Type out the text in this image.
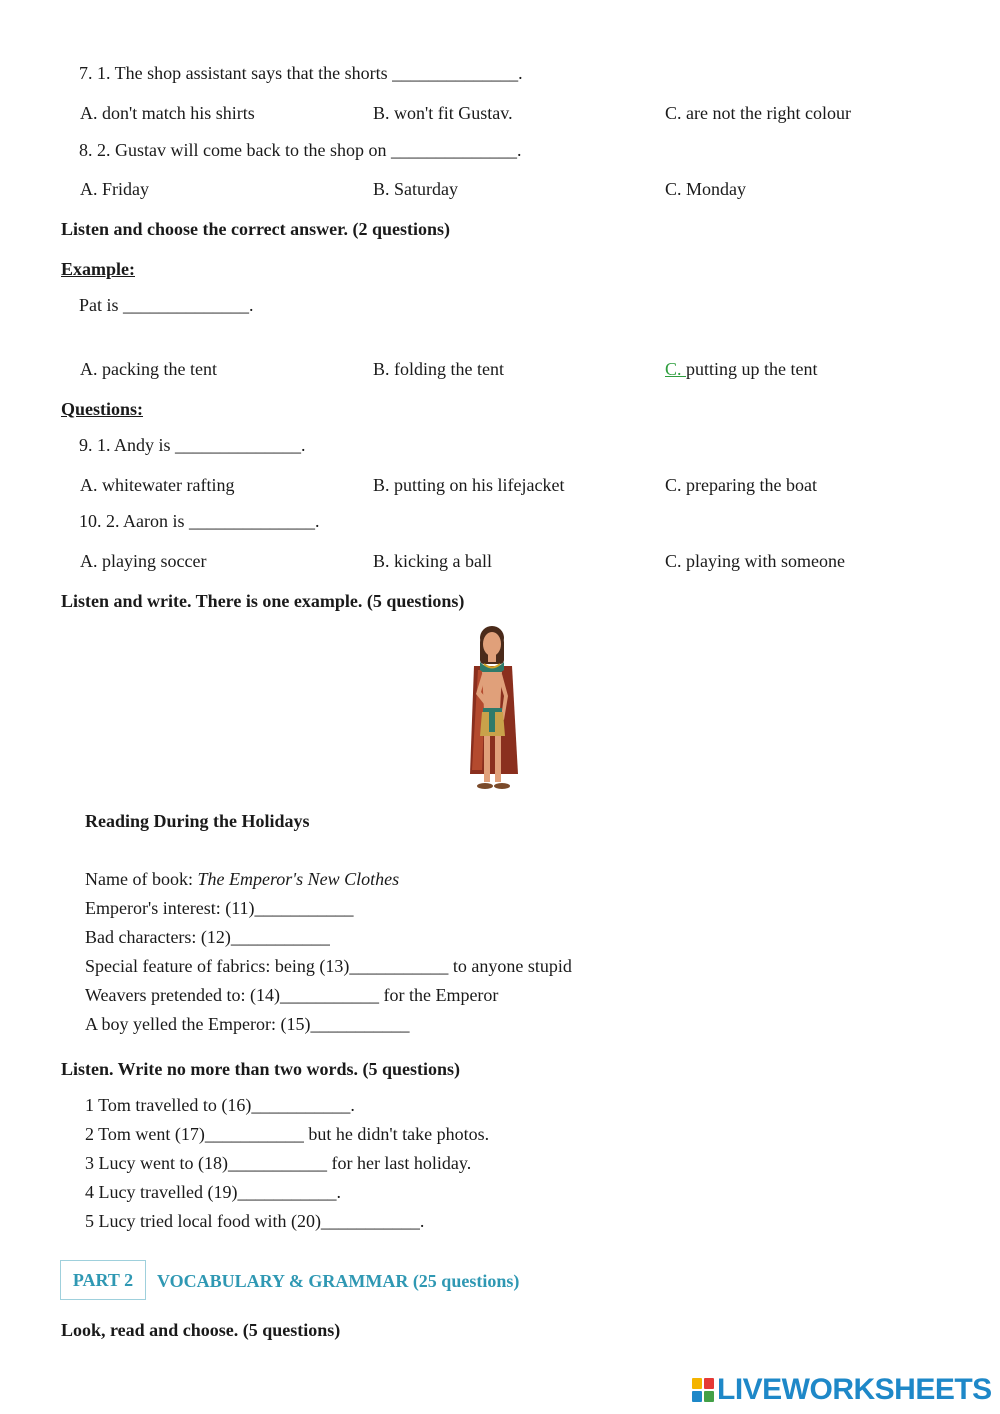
7. 1. The shop assistant says that the shorts ______________.
A. don't match his shirts	B. won't fit Gustav.	C. are not the right colour
8. 2. Gustav will come back to the shop on ______________.
A. Friday	B. Saturday	C. Monday
Listen and choose the correct answer. (2 questions)
Example:
Pat is ______________.
A. packing the tent	B. folding the tent	C. putting up the tent
Questions:
9. 1. Andy is ______________.
A. whitewater rafting	B. putting on his lifejacket	C. preparing the boat
10. 2. Aaron is ______________.
A. playing soccer	B. kicking a ball	C. playing with someone
Listen and write. There is one example. (5 questions)
Reading During the Holidays
Name of book: The Emperor's New Clothes
Emperor's interest: (11)___________
Bad characters: (12)___________
Special feature of fabrics: being (13)___________ to anyone stupid
Weavers pretended to: (14)___________ for the Emperor
A boy yelled the Emperor: (15)___________
Listen. Write no more than two words. (5 questions)
1 Tom travelled to (16)___________.
2 Tom went (17)___________ but he didn't take photos.
3 Lucy went to (18)___________ for her last holiday.
4 Lucy travelled (19)___________.
5 Lucy tried local food with (20)___________.
PART 2	VOCABULARY & GRAMMAR (25 questions)
Look, read and choose. (5 questions)
LIVEWORKSHEETS
